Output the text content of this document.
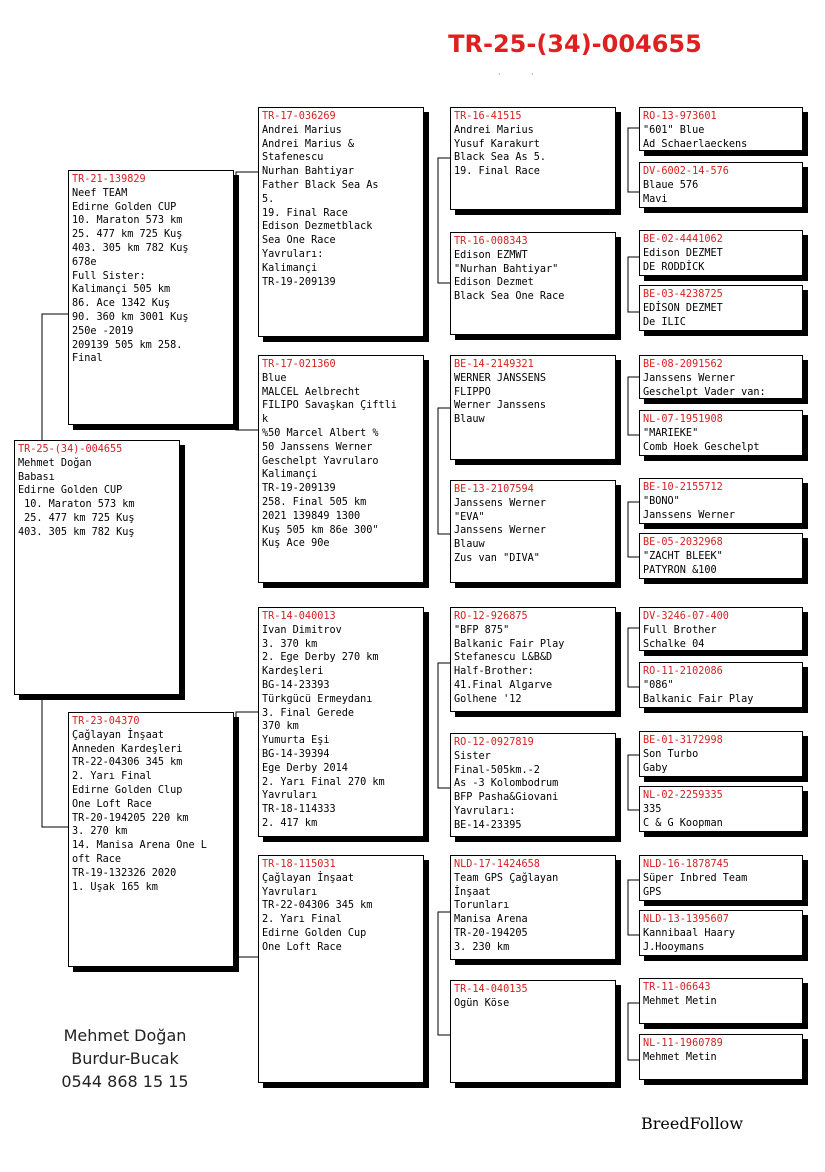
TR-25-(34)-004655
·            ·
TR-25-(34)-004655
Mehmet Doğan
Babası
Edirne Golden CUP
10. Maraton 573 km
25. 477 km 725 Kuş
403. 305 km 782 Kuş
TR-21-139829
Neef TEAM
Edirne Golden CUP
10. Maraton 573 km
25. 477 km 725 Kuş
403. 305 km 782 Kuş
678e
Full Sister:
Kalimançi 505 km
86. Ace 1342 Kuş
90. 360 km 3001 Kuş
250e -2019
209139 505 km 258.
Final
TR-23-04370
Çağlayan İnşaat
Anneden Kardeşleri
TR-22-04306 345 km
2. Yarı Final
Edirne Golden Clup
One Loft Race
TR-20-194205 220 km
3. 270 km
14. Manisa Arena One L
oft Race
TR-19-132326 2020
1. Uşak 165 km
TR-17-036269
Andrei Marius
Andrei Marius &
Stafenescu
Nurhan Bahtiyar
Father Black Sea As
5.
19. Final Race
Edison Dezmetblack
Sea One Race
Yavruları:
Kalimançi
TR-19-209139
TR-17-021360
Blue
MALCEL Aelbrecht
FILIPO Savaşkan Çiftli
k
%50 Marcel Albert %
50 Janssens Werner
Geschelpt Yavrularo
Kalimançi
TR-19-209139
258. Final 505 km
2021 139849 1300
Kuş 505 km 86e 300"
Kuş Ace 90e
TR-14-040013
Ivan Dimitrov
3. 370 km
2. Ege Derby 270 km
Kardeşleri
BG-14-23393
Türkgücü Ermeydanı
3. Final Gerede
370 km
Yumurta Eşi
BG-14-39394
Ege Derby 2014
2. Yarı Final 270 km
Yavruları
TR-18-114333
2. 417 km
TR-18-115031
Çağlayan İnşaat
Yavruları
TR-22-04306 345 km
2. Yarı Final
Edirne Golden Cup
One Loft Race
TR-16-41515
Andrei Marius
Yusuf Karakurt
Black Sea As 5.
19. Final Race
TR-16-008343
Edison EZMWT
"Nurhan Bahtiyar"
Edison Dezmet
Black Sea One Race
BE-14-2149321
WERNER JANSSENS
FLIPPO
Werner Janssens
Blauw
BE-13-2107594
Janssens Werner
"EVA"
Janssens Werner
Blauw
Zus van "DIVA"
RO-12-926875
"BFP 875"
Balkanic Fair Play
Stefanescu L&B&D
Half-Brother:
41.Final Algarve
Golhene '12
RO-12-0927819
Sister
Final-505km.-2
As -3 Kolombodrum
BFP Pasha&Giovani
Yavruları:
BE-14-23395
NLD-17-1424658
Team GPS Çağlayan
İnşaat
Torunları
Manisa Arena
TR-20-194205
3. 230 km
TR-14-040135
Ogün Köse
RO-13-973601
"601" Blue
Ad Schaerlaeckens
DV-6002-14-576
Blaue 576
Mavi
BE-02-4441062
Edison DEZMET
DE RODDİCK
BE-03-4238725
EDİSON DEZMET
De ILIC
BE-08-2091562
Janssens Werner
Geschelpt Vader van:
NL-07-1951908
"MARIEKE"
Comb Hoek Geschelpt
BE-10-2155712
"BONO"
Janssens Werner
BE-05-2032968
"ZACHT BLEEK"
PATYRON &100
DV-3246-07-400
Full Brother
Schalke 04
RO-11-2102086
"086"
Balkanic Fair Play
BE-01-3172998
Son Turbo
Gaby
NL-02-2259335
335
C & G Koopman
NLD-16-1878745
Süper Inbred Team
GPS
NLD-13-1395607
Kannibaal Haary
J.Hooymans
TR-11-06643
Mehmet Metin
NL-11-1960789
Mehmet Metin
Mehmet Doğan
Burdur-Bucak
0544 868 15 15
BreedFollow
